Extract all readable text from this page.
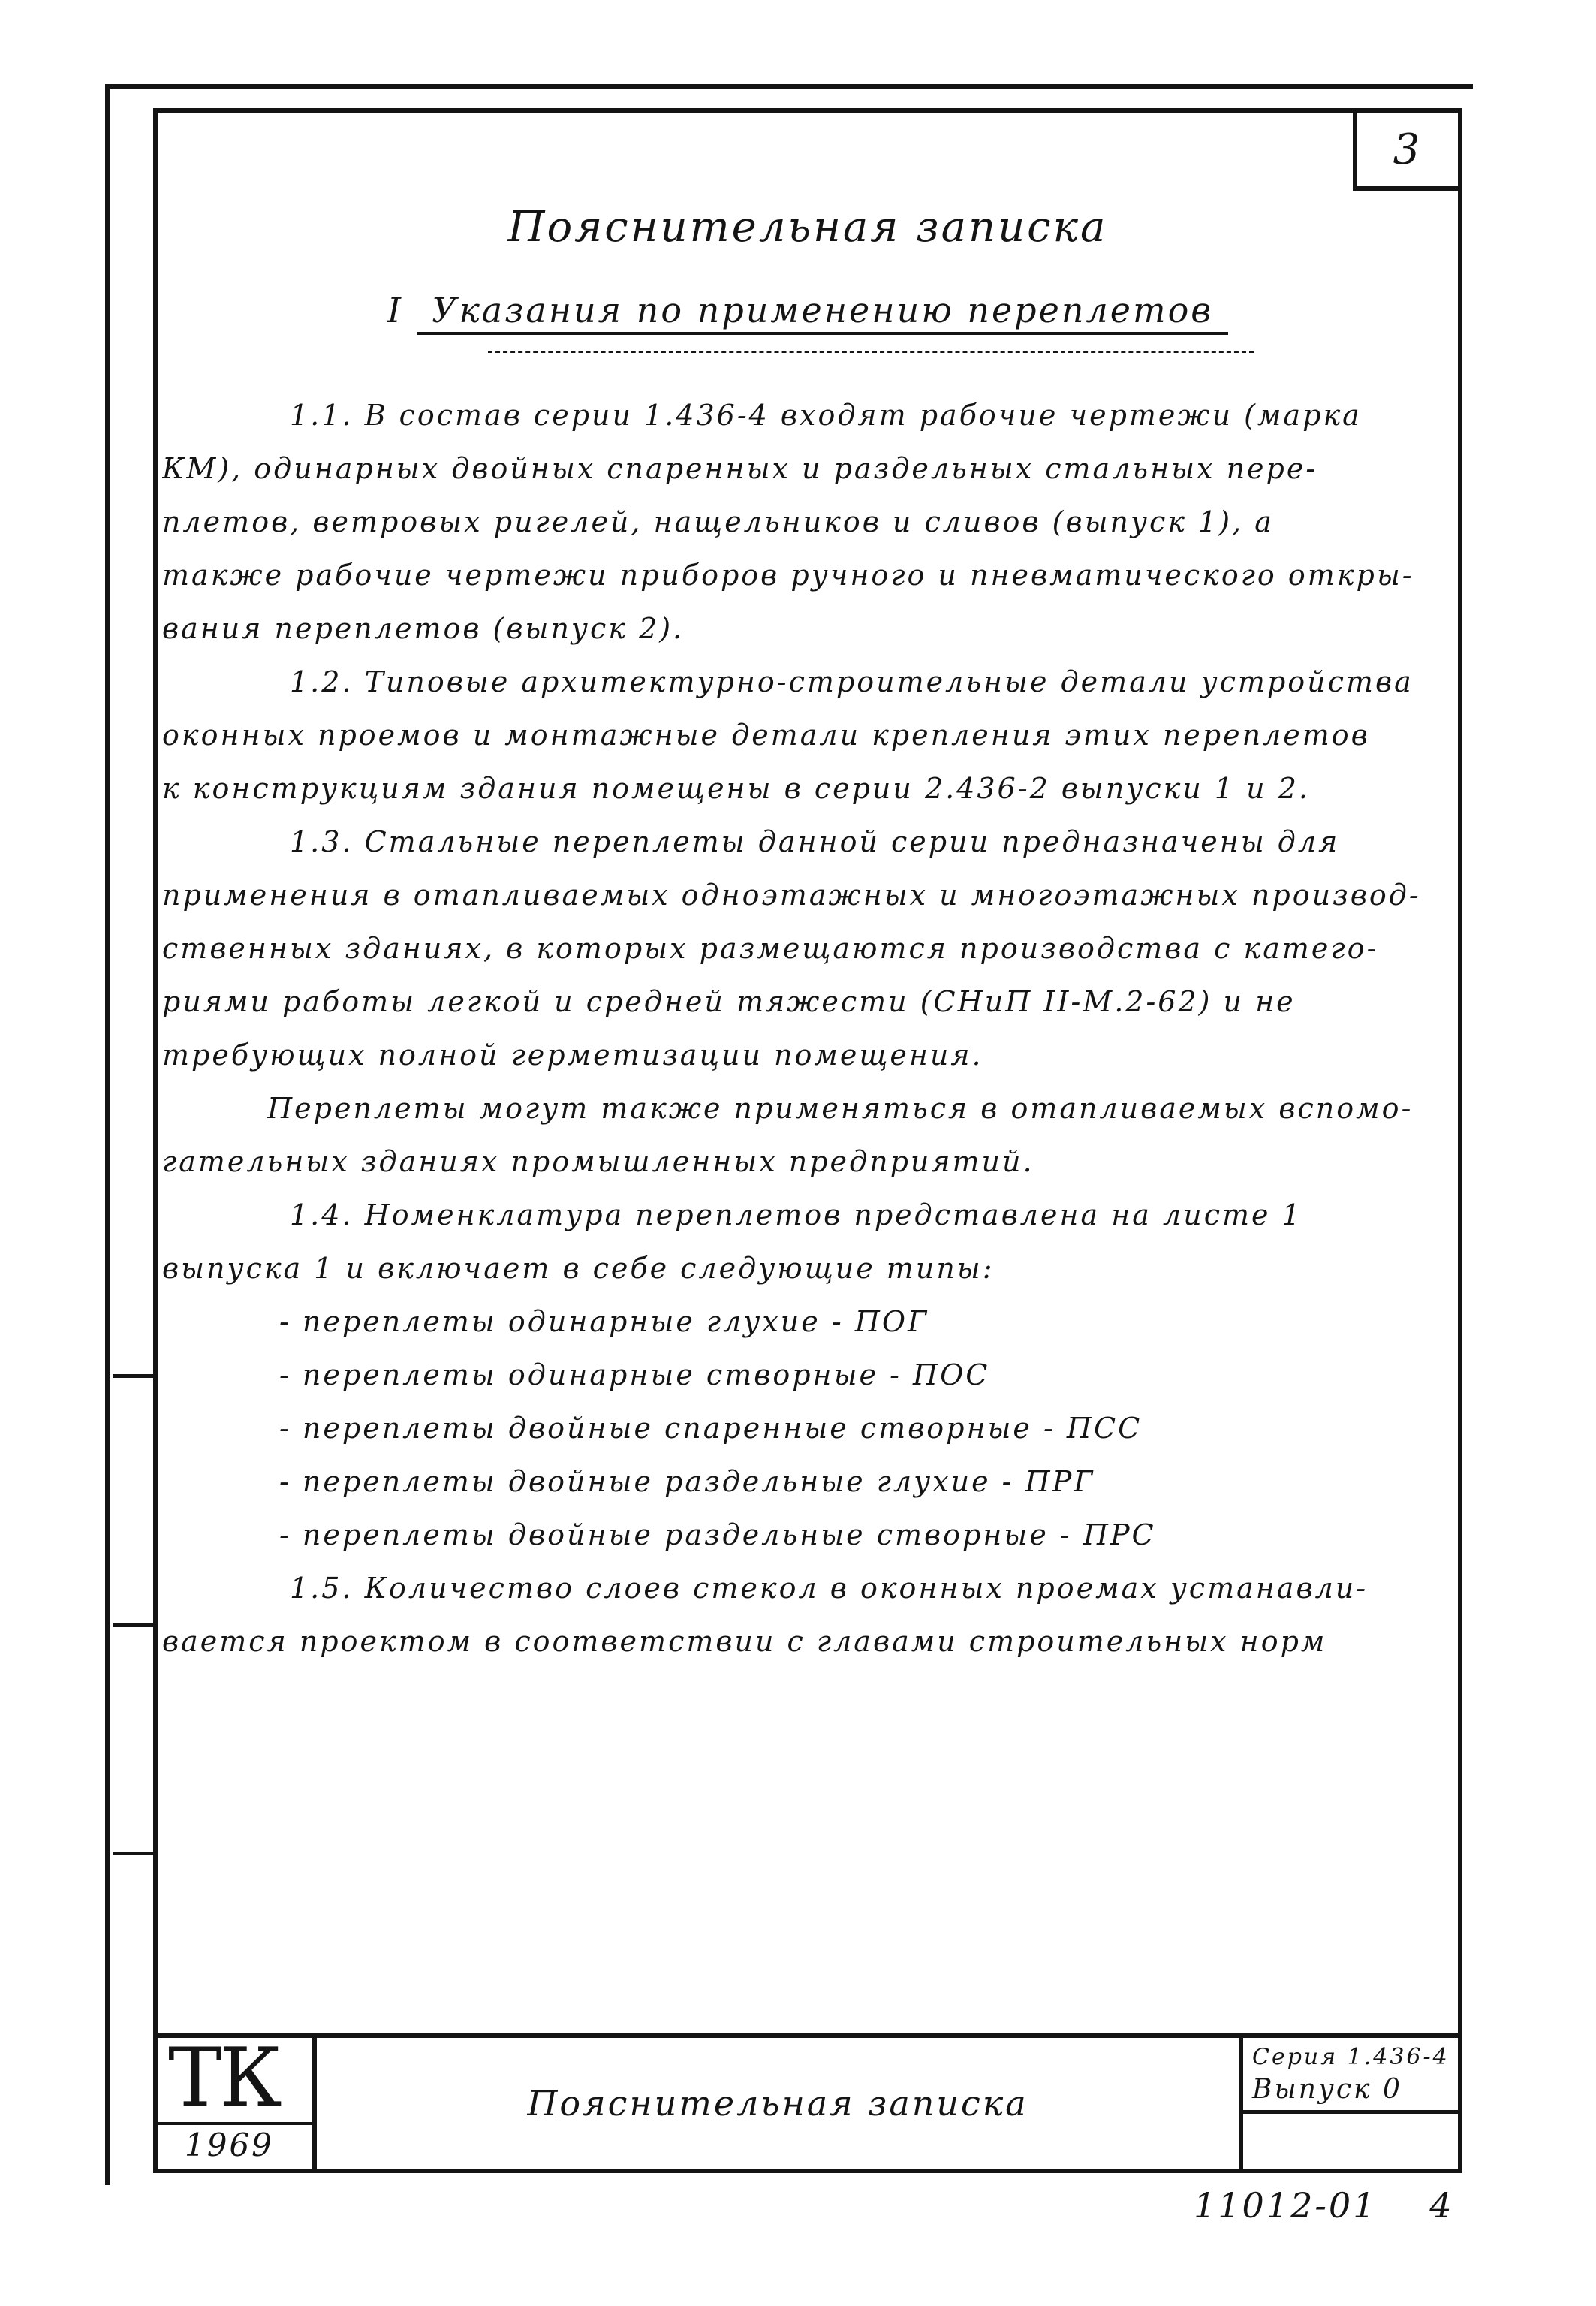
3
Пояснительная записка
I Указания по применению переплетов
1.1. В состав серии 1.436-4 входят рабочие чертежи (марка
КМ), одинарных двойных спаренных и раздельных стальных пере-
плетов, ветровых ригелей, нащельников и сливов (выпуск 1), а
также рабочие чертежи приборов ручного и пневматического откры-
вания переплетов (выпуск 2).
1.2. Типовые архитектурно-строительные детали устройства
оконных проемов и монтажные детали крепления этих переплетов
к конструкциям здания помещены в серии 2.436-2 выпуски 1 и 2.
1.3. Стальные переплеты данной серии предназначены для
применения в отапливаемых одноэтажных и многоэтажных производ-
ственных зданиях, в которых размещаются производства с катего-
риями работы легкой и средней тяжести (СНиП II-М.2-62) и не
требующих полной герметизации помещения.
Переплеты могут также применяться в отапливаемых вспомо-
гательных зданиях промышленных предприятий.
1.4. Номенклатура переплетов представлена на листе 1
выпуска 1 и включает в себе следующие типы:
- переплеты одинарные глухие - ПОГ
- переплеты одинарные створные - ПОС
- переплеты двойные спаренные створные - ПСС
- переплеты двойные раздельные глухие - ПРГ
- переплеты двойные раздельные створные - ПРС
1.5. Количество слоев стекол в оконных проемах устанавли-
вается проектом в соответствии с главами строительных норм
ТК
1969
Пояснительная записка
Серия 1.436-4
Выпуск 0
11012-01 4
